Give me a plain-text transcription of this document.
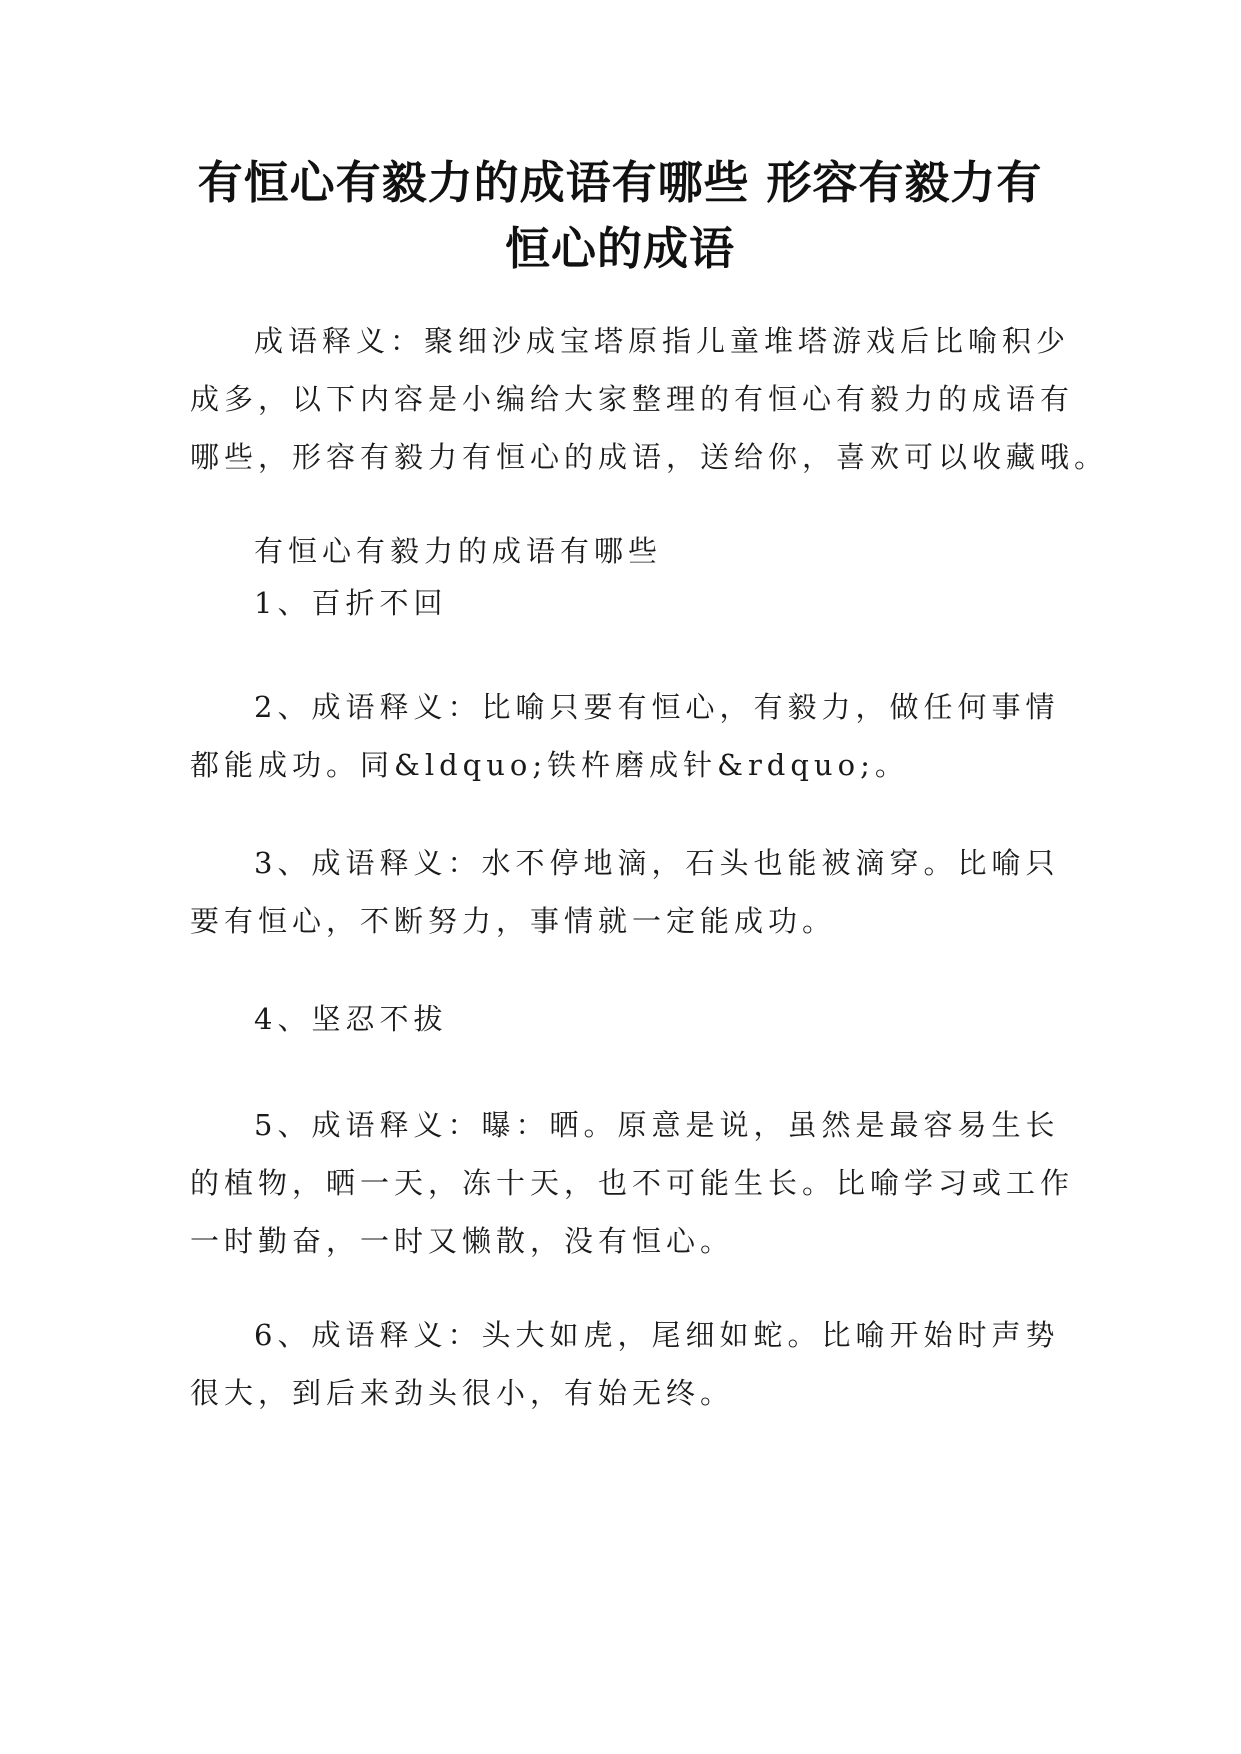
有恒心有毅力的成语有哪些 形容有毅力有
恒心的成语
成语释义：聚细沙成宝塔原指儿童堆塔游戏后比喻积少
成多，以下内容是小编给大家整理的有恒心有毅力的成语有
哪些，形容有毅力有恒心的成语，送给你，喜欢可以收藏哦。
有恒心有毅力的成语有哪些
1、百折不回
2、成语释义：比喻只要有恒心，有毅力，做任何事情
都能成功。同&ldquo;铁杵磨成针&rdquo;。
3、成语释义：水不停地滴，石头也能被滴穿。比喻只
要有恒心，不断努力，事情就一定能成功。
4、坚忍不拔
5、成语释义：曝：晒。原意是说，虽然是最容易生长
的植物，晒一天，冻十天，也不可能生长。比喻学习或工作
一时勤奋，一时又懒散，没有恒心。
6、成语释义：头大如虎，尾细如蛇。比喻开始时声势
很大，到后来劲头很小，有始无终。
